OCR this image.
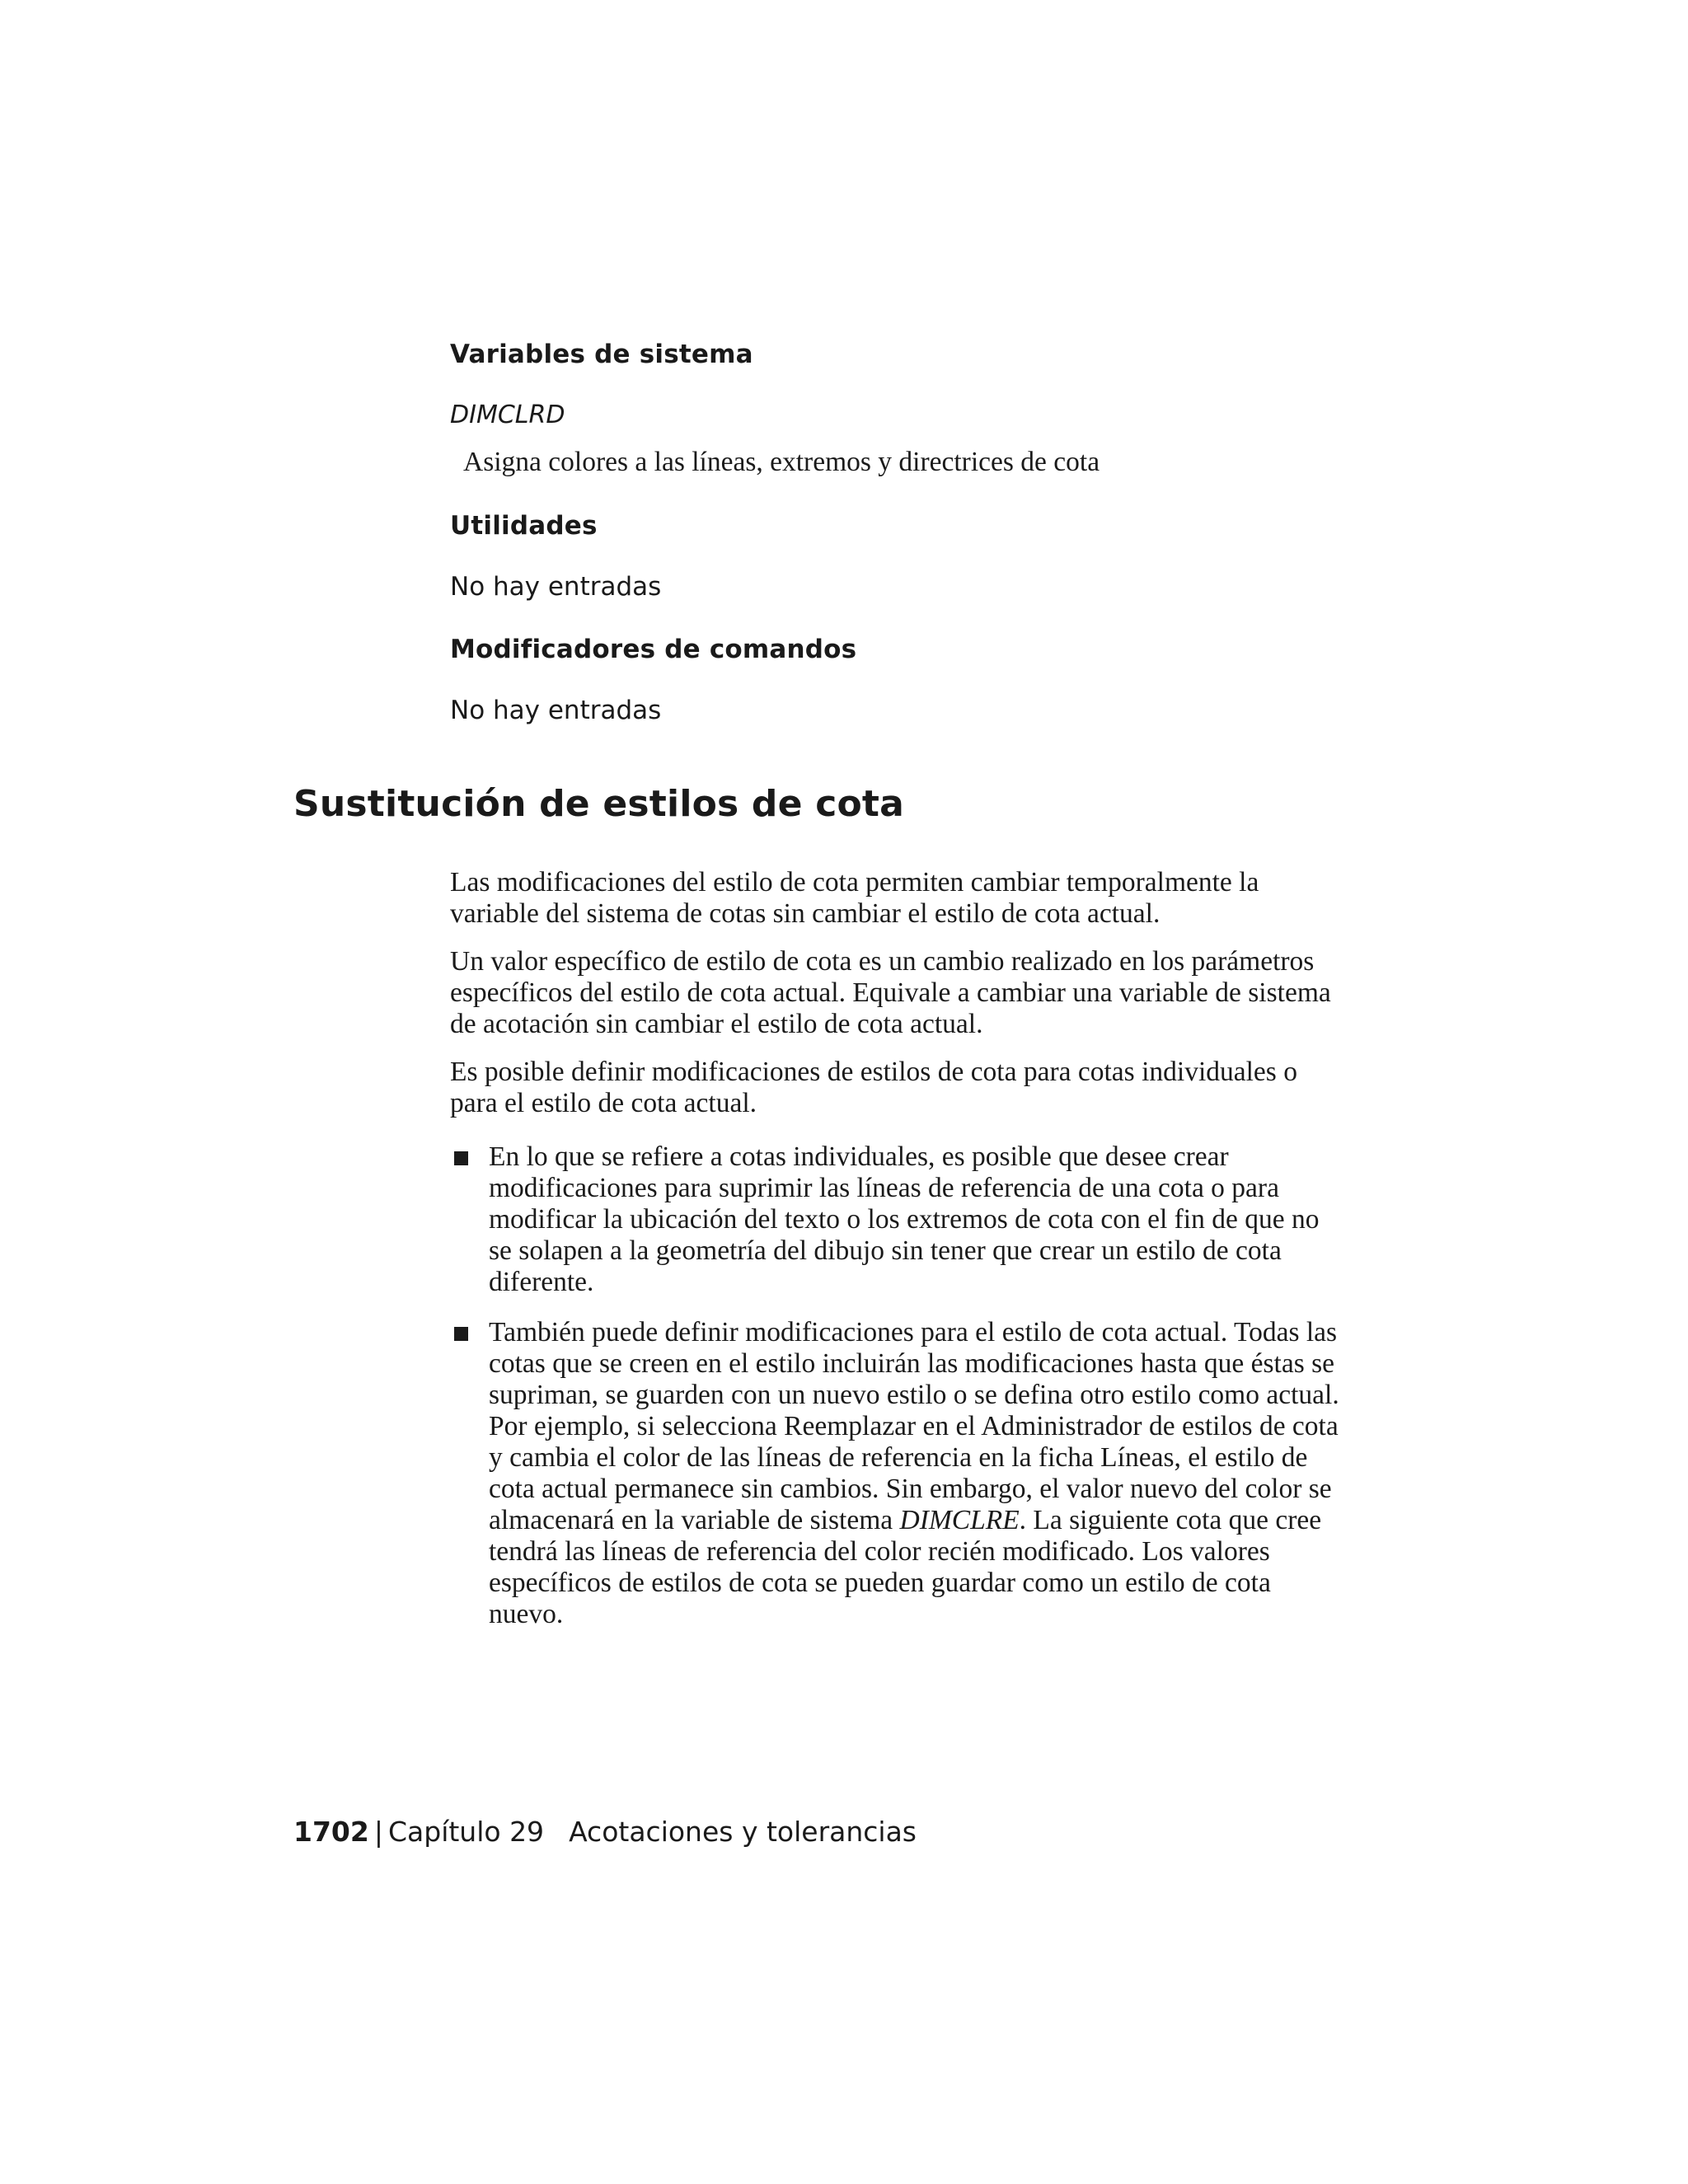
Variables de sistema
DIMCLRD
Asigna colores a las líneas, extremos y directrices de cota
Utilidades
No hay entradas
Modificadores de comandos
No hay entradas
Sustitución de estilos de cota

Las modificaciones del estilo de cota permiten cambiar temporalmente la variable del sistema de cotas sin cambiar el estilo de cota actual.

Un valor específico de estilo de cota es un cambio realizado en los parámetros específicos del estilo de cota actual. Equivale a cambiar una variable de sistema de acotación sin cambiar el estilo de cota actual.

Es posible definir modificaciones de estilos de cota para cotas individuales o para el estilo de cota actual.

En lo que se refiere a cotas individuales, es posible que desee crear modificaciones para suprimir las líneas de referencia de una cota o para modificar la ubicación del texto o los extremos de cota con el fin de que no se solapen a la geometría del dibujo sin tener que crear un estilo de cota diferente.
También puede definir modificaciones para el estilo de cota actual. Todas las cotas que se creen en el estilo incluirán las modificaciones hasta que éstas se supriman, se guarden con un nuevo estilo o se defina otro estilo como actual. Por ejemplo, si selecciona Reemplazar en el Administrador de estilos de cota y cambia el color de las líneas de referencia en la ficha Líneas, el estilo de cota actual permanece sin cambios. Sin embargo, el valor nuevo del color se almacenará en la variable de sistema DIMCLRE. La siguiente cota que cree tendrá las líneas de referencia del color recién modificado. Los valores específicos de estilos de cota se pueden guardar como un estilo de cota nuevo.
1702 | Capítulo 29 Acotaciones y tolerancias
